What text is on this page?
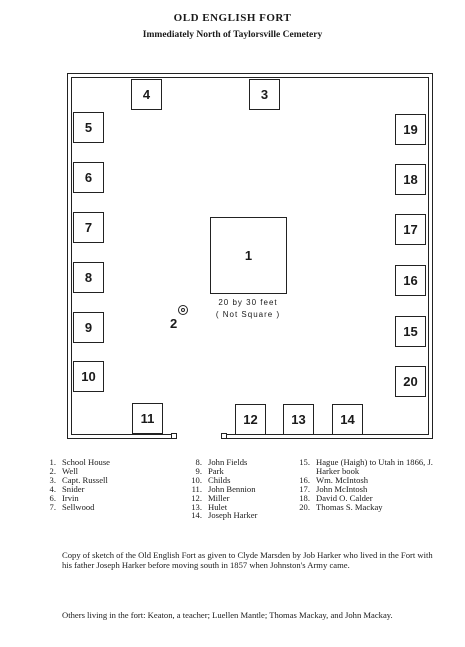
OLD ENGLISH FORT
Immediately North of Taylorsville Cemetery
4	3
5
6
7
8
9
10
19
18
17
16
15
20
11	12	13	14
1
20 by 30 feet
( Not Square )
2
1. School House
2. Well
3. Capt. Russell
4. Snider
6. Irvin
7. Sellwood
8. John Fields
9. Park
10. Childs
11. John Bennion
12. Miller
13. Hulet
14. Joseph Harker
15. Hague (Haigh) to Utah in 1866, J. Harker book
16. Wm. McIntosh
17. John McIntosh
18. David O. Calder
20. Thomas S. Mackay
Copy of sketch of the Old English Fort as given to Clyde Marsden by Job Harker who lived in the Fort with his father Joseph Harker before moving south in 1857 when Johnston's Army came.
Others living in the fort: Keaton, a teacher; Luellen Mantle; Thomas Mackay, and John Mackay.
